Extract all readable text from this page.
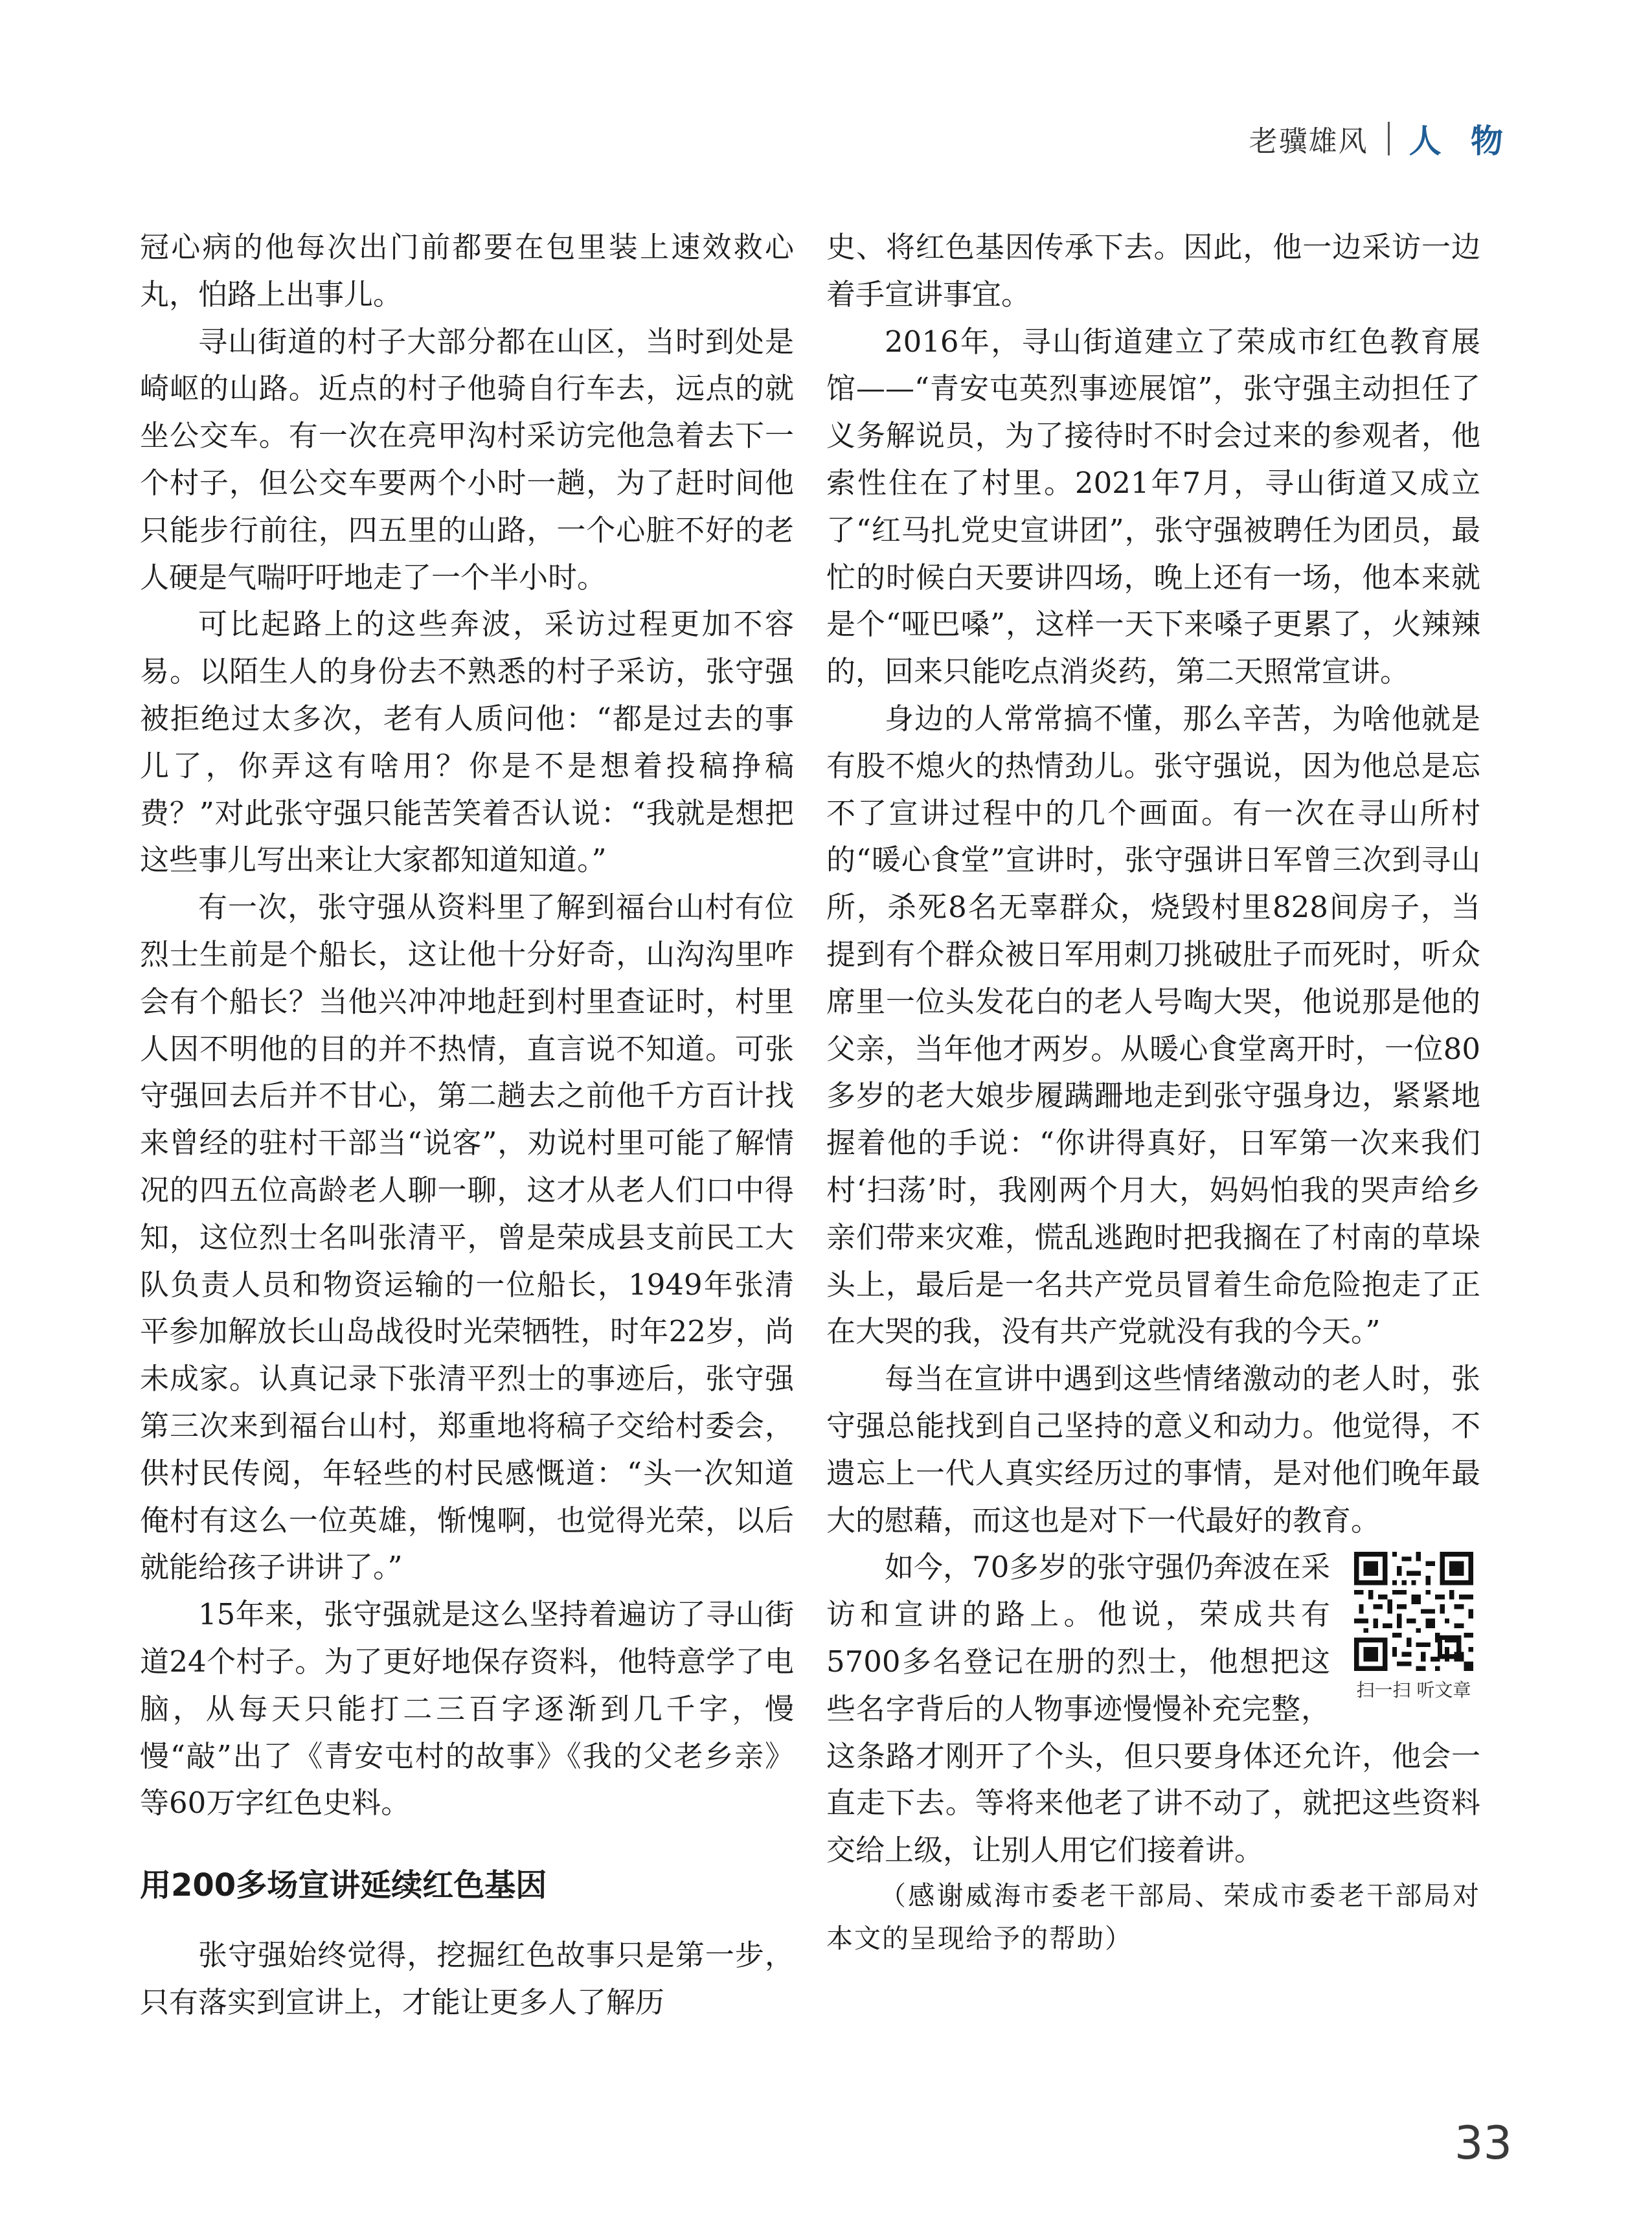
老骥雄风 人 物

冠心病的他每次出门前都要在包里装上速效救心丸，怕路上出事儿。

寻山街道的村子大部分都在山区，当时到处是崎岖的山路。近点的村子他骑自行车去，远点的就坐公交车。有一次在亮甲沟村采访完他急着去下一个村子，但公交车要两个小时一趟，为了赶时间他只能步行前往，四五里的山路，一个心脏不好的老人硬是气喘吁吁地走了一个半小时。

可比起路上的这些奔波，采访过程更加不容易。以陌生人的身份去不熟悉的村子采访，张守强被拒绝过太多次，老有人质问他：“都是过去的事儿了，你弄这有啥用？你是不是想着投稿挣稿费？”对此张守强只能苦笑着否认说：“我就是想把这些事儿写出来让大家都知道知道。”

有一次，张守强从资料里了解到福台山村有位烈士生前是个船长，这让他十分好奇，山沟沟里咋会有个船长？当他兴冲冲地赶到村里查证时，村里人因不明他的目的并不热情，直言说不知道。可张守强回去后并不甘心，第二趟去之前他千方百计找来曾经的驻村干部当“说客”，劝说村里可能了解情况的四五位高龄老人聊一聊，这才从老人们口中得知，这位烈士名叫张清平，曾是荣成县支前民工大队负责人员和物资运输的一位船长，1949年张清平参加解放长山岛战役时光荣牺牲，时年22岁，尚未成家。认真记录下张清平烈士的事迹后，张守强第三次来到福台山村，郑重地将稿子交给村委会，供村民传阅，年轻些的村民感慨道：“头一次知道俺村有这么一位英雄，惭愧啊，也觉得光荣，以后就能给孩子讲讲了。”

15年来，张守强就是这么坚持着遍访了寻山街道24个村子。为了更好地保存资料，他特意学了电脑，从每天只能打二三百字逐渐到几千字，慢慢“敲”出了《青安屯村的故事》《我的父老乡亲》等60万字红色史料。

用200多场宣讲延续红色基因

张守强始终觉得，挖掘红色故事只是第一步，只有落实到宣讲上，才能让更多人了解历

史、将红色基因传承下去。因此，他一边采访一边着手宣讲事宜。

2016年，寻山街道建立了荣成市红色教育展馆——“青安屯英烈事迹展馆”，张守强主动担任了义务解说员，为了接待时不时会过来的参观者，他索性住在了村里。2021年7月，寻山街道又成立了“红马扎党史宣讲团”，张守强被聘任为团员，最忙的时候白天要讲四场，晚上还有一场，他本来就是个“哑巴嗓”，这样一天下来嗓子更累了，火辣辣的，回来只能吃点消炎药，第二天照常宣讲。

身边的人常常搞不懂，那么辛苦，为啥他就是有股不熄火的热情劲儿。张守强说，因为他总是忘不了宣讲过程中的几个画面。有一次在寻山所村的“暖心食堂”宣讲时，张守强讲日军曾三次到寻山所，杀死8名无辜群众，烧毁村里828间房子，当提到有个群众被日军用刺刀挑破肚子而死时，听众席里一位头发花白的老人号啕大哭，他说那是他的父亲，当年他才两岁。从暖心食堂离开时，一位80多岁的老大娘步履蹒跚地走到张守强身边，紧紧地握着他的手说：“你讲得真好，日军第一次来我们村‘扫荡’时，我刚两个月大，妈妈怕我的哭声给乡亲们带来灾难，慌乱逃跑时把我搁在了村南的草垛头上，最后是一名共产党员冒着生命危险抱走了正在大哭的我，没有共产党就没有我的今天。”

每当在宣讲中遇到这些情绪激动的老人时，张守强总能找到自己坚持的意义和动力。他觉得，不遗忘上一代人真实经历过的事情，是对他们晚年最大的慰藉，而这也是对下一代最好的教育。

扫一扫 听文章

如今，70多岁的张守强仍奔波在采访和宣讲的路上。他说，荣成共有5700多名登记在册的烈士，他想把这些名字背后的人物事迹慢慢补充完整，这条路才刚开了个头，但只要身体还允许，他会一直走下去。等将来他老了讲不动了，就把这些资料交给上级，让别人用它们接着讲。

（感谢威海市委老干部局、荣成市委老干部局对本文的呈现给予的帮助）

33
